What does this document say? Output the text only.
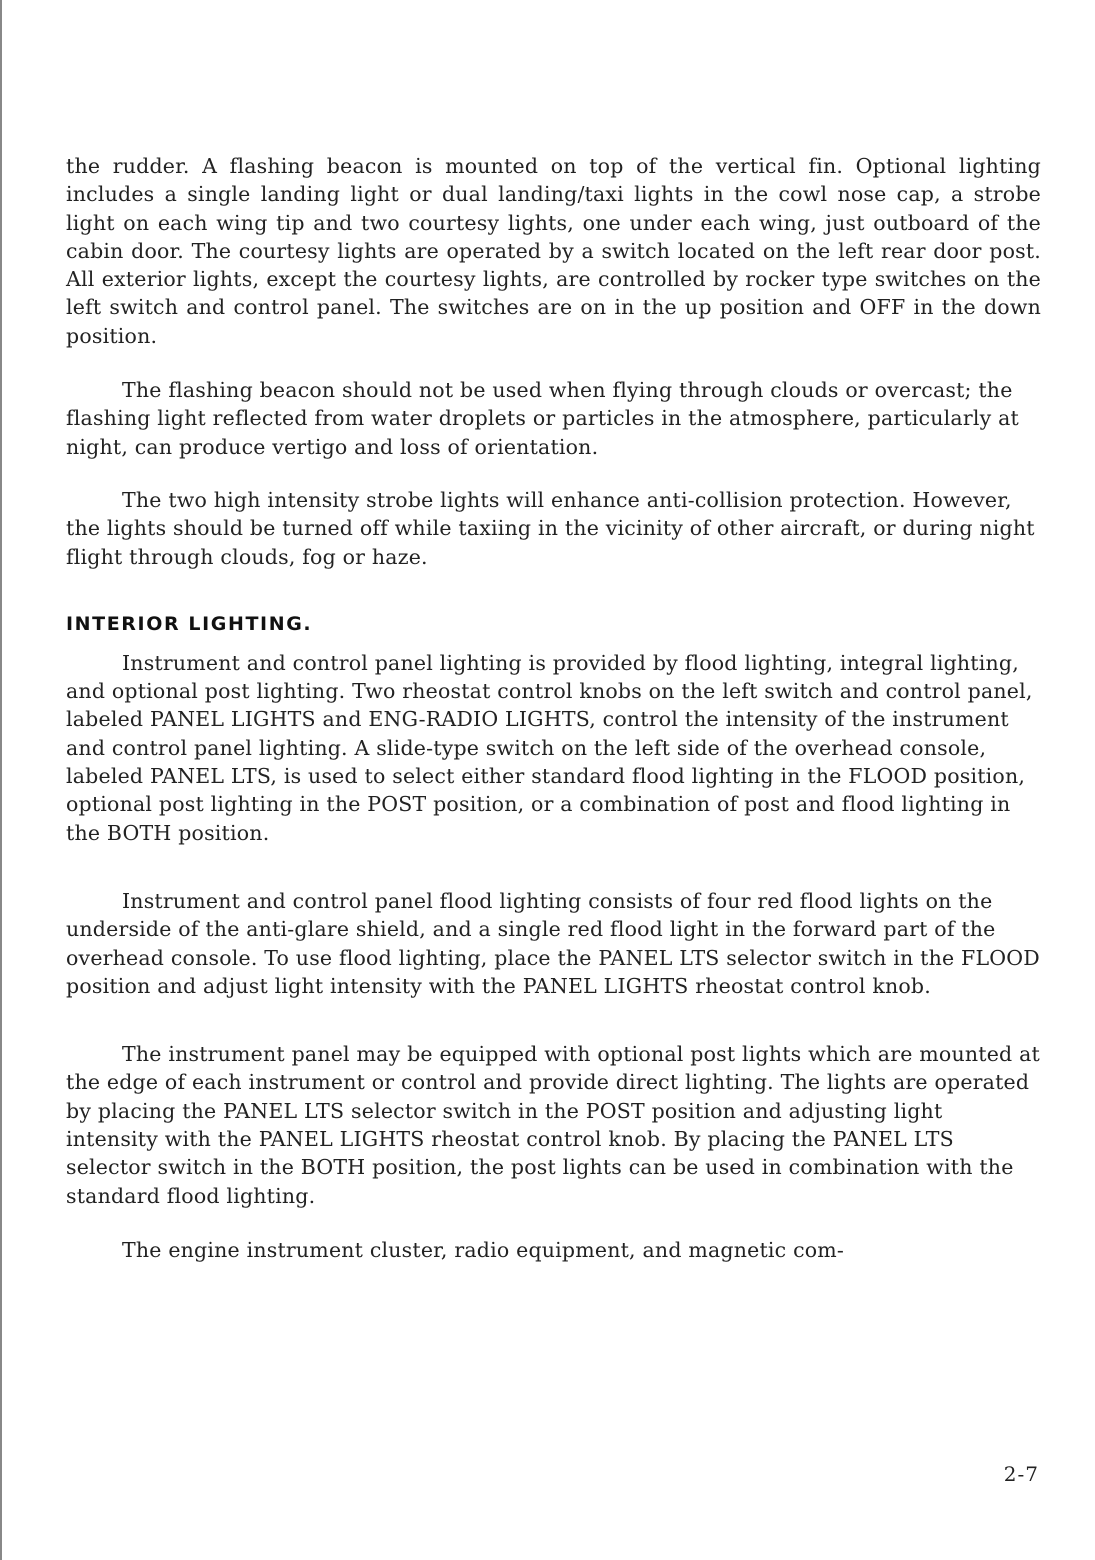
the rudder. A flashing beacon is mounted on top of the vertical fin. Optional lighting includes a single landing light or dual landing/taxi lights in the cowl nose cap, a strobe light on each wing tip and two courtesy lights, one under each wing, just outboard of the cabin door. The courtesy lights are operated by a switch located on the left rear door post. All exterior lights, except the courtesy lights, are controlled by rocker type switches on the left switch and control panel. The switches are on in the up position and OFF in the down position.

The flashing beacon should not be used when flying through clouds or overcast; the flashing light reflected from water droplets or particles in the atmosphere, particularly at night, can produce vertigo and loss of orientation.

The two high intensity strobe lights will enhance anti-collision protection. However, the lights should be turned off while taxiing in the vicinity of other aircraft, or during night flight through clouds, fog or haze.

INTERIOR LIGHTING.

Instrument and control panel lighting is provided by flood lighting, integral lighting, and optional post lighting. Two rheostat control knobs on the left switch and control panel, labeled PANEL LIGHTS and ENG-RADIO LIGHTS, control the intensity of the instrument and control panel lighting. A slide-type switch on the left side of the overhead console, labeled PANEL LTS, is used to select either standard flood lighting in the FLOOD position, optional post lighting in the POST position, or a combination of post and flood lighting in the BOTH position.

Instrument and control panel flood lighting consists of four red flood lights on the underside of the anti-glare shield, and a single red flood light in the forward part of the overhead console. To use flood lighting, place the PANEL LTS selector switch in the FLOOD position and adjust light intensity with the PANEL LIGHTS rheostat control knob.

The instrument panel may be equipped with optional post lights which are mounted at the edge of each instrument or control and provide direct lighting. The lights are operated by placing the PANEL LTS selector switch in the POST position and adjusting light intensity with the PANEL LIGHTS rheostat control knob. By placing the PANEL LTS selector switch in the BOTH position, the post lights can be used in combination with the standard flood lighting.

The engine instrument cluster, radio equipment, and magnetic com-

2-7
